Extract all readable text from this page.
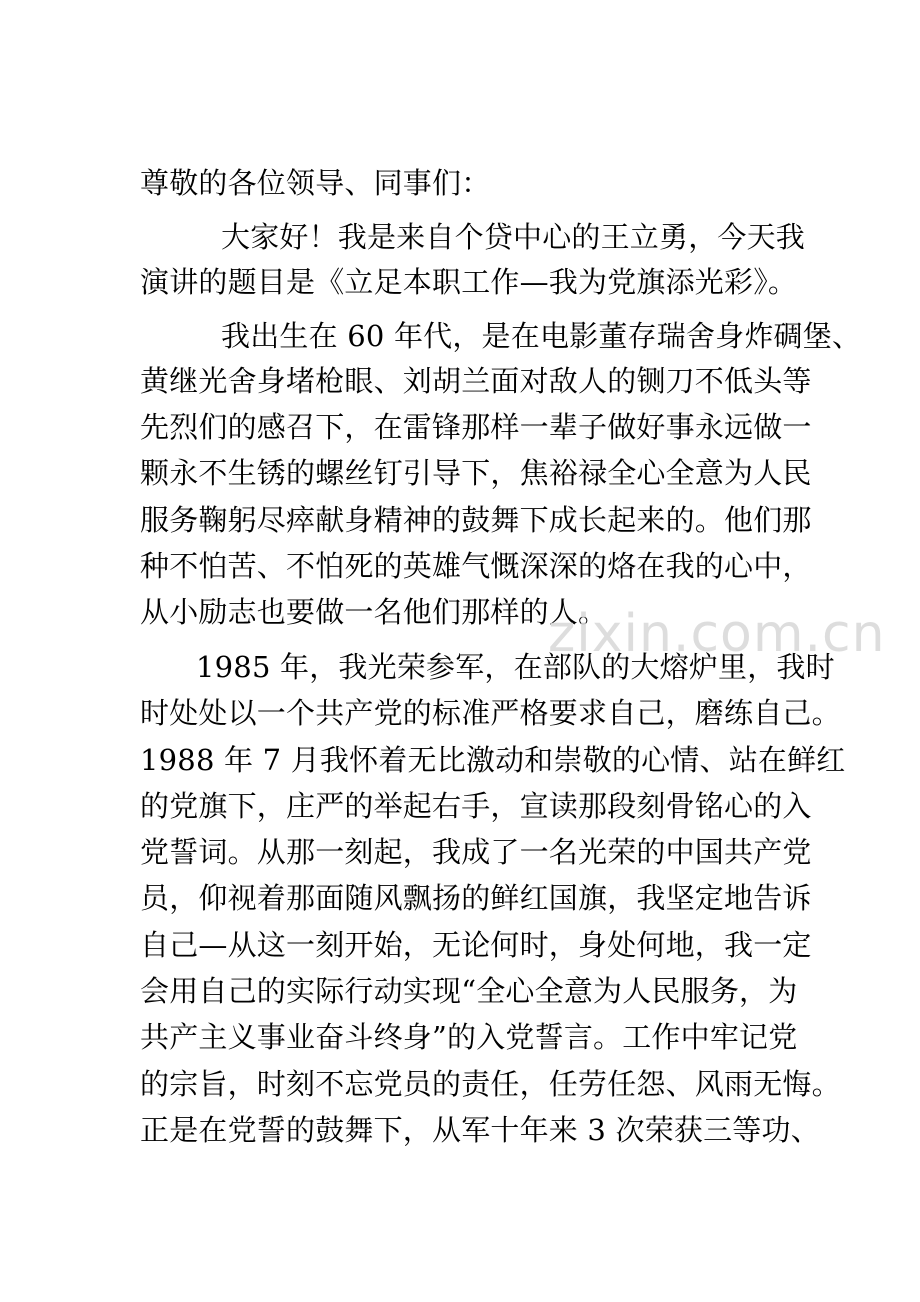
尊敬的各位领导、同事们：
大家好！我是来自个贷中心的王立勇，今天我
演讲的题目是《立足本职工作—我为党旗添光彩》。
我出生在 60 年代，是在电影董存瑞舍身炸碉堡、
黄继光舍身堵枪眼、刘胡兰面对敌人的铡刀不低头等
先烈们的感召下，在雷锋那样一辈子做好事永远做一
颗永不生锈的螺丝钉引导下，焦裕禄全心全意为人民
服务鞠躬尽瘁献身精神的鼓舞下成长起来的。他们那
种不怕苦、不怕死的英雄气慨深深的烙在我的心中，
从小励志也要做一名他们那样的人。
1985 年，我光荣参军，在部队的大熔炉里，我时
时处处以一个共产党的标准严格要求自己，磨练自己。
1988 年 7 月我怀着无比激动和崇敬的心情、站在鲜红
的党旗下，庄严的举起右手，宣读那段刻骨铭心的入
党誓词。从那一刻起，我成了一名光荣的中国共产党
员，仰视着那面随风飘扬的鲜红国旗，我坚定地告诉
自己—从这一刻开始，无论何时，身处何地，我一定
会用自己的实际行动实现“全心全意为人民服务，为
共产主义事业奋斗终身”的入党誓言。工作中牢记党
的宗旨，时刻不忘党员的责任，任劳任怨、风雨无悔。
正是在党誓的鼓舞下，从军十年来 3 次荣获三等功、
zixin.com.cn
